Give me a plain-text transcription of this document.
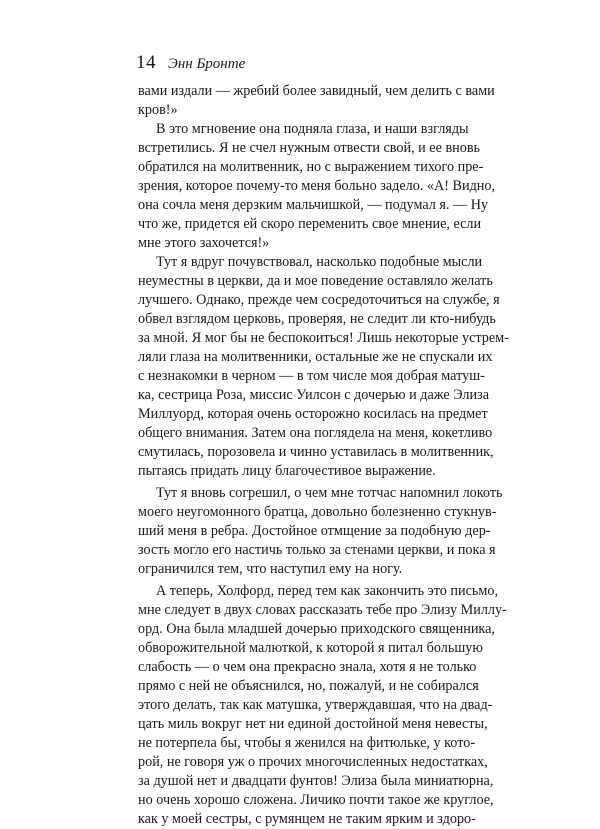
14 Энн Бронте
вами издали — жребий более завидный, чем делить с вами
кров!»
В это мгновение она подняла глаза, и наши взгляды
встретились. Я не счел нужным отвести свой, и ее вновь
обратился на молитвенник, но с выражением тихого пре-
зрения, которое почему-то меня больно задело. «А! Видно,
она сочла меня дерзким мальчишкой, — подумал я. — Ну
что же, придется ей скоро переменить свое мнение, если
мне этого захочется!»
Тут я вдруг почувствовал, насколько подобные мысли
неуместны в церкви, да и мое поведение оставляло желать
лучшего. Однако, прежде чем сосредоточиться на службе, я
обвел взглядом церковь, проверяя, не следит ли кто-нибудь
за мной. Я мог бы не беспокоиться! Лишь некоторые устрем-
ляли глаза на молитвенники, остальные же не спускали их
с незнакомки в черном — в том числе моя добрая матуш-
ка, сестрица Роза, миссис Уилсон с дочерью и даже Элиза
Миллуорд, которая очень осторожно косилась на предмет
общего внимания. Затем она поглядела на меня, кокетливо
смутилась, порозовела и чинно уставилась в молитвенник,
пытаясь придать лицу благочестивое выражение.
Тут я вновь согрешил, о чем мне тотчас напомнил локоть
моего неугомонного братца, довольно болезненно стукнув-
ший меня в ребра. Достойное отмщение за подобную дер-
зость могло его настичь только за стенами церкви, и пока я
ограничился тем, что наступил ему на ногу.
А теперь, Холфорд, перед тем как закончить это письмо,
мне следует в двух словах рассказать тебе про Элизу Миллу-
орд. Она была младшей дочерью приходского священника,
обворожительной малюткой, к которой я питал большую
слабость — о чем она прекрасно знала, хотя я не только
прямо с ней не объяснился, но, пожалуй, и не собирался
этого делать, так как матушка, утверждавшая, что на двад-
цать миль вокруг нет ни единой достойной меня невесты,
не потерпела бы, чтобы я женился на фитюльке, у кото-
рой, не говоря уж о прочих многочисленных недостатках,
за душой нет и двадцати фунтов! Элиза была миниатюрна,
но очень хорошо сложена. Личико почти такое же круглое,
как у моей сестры, с румянцем не таким ярким и здоро-
